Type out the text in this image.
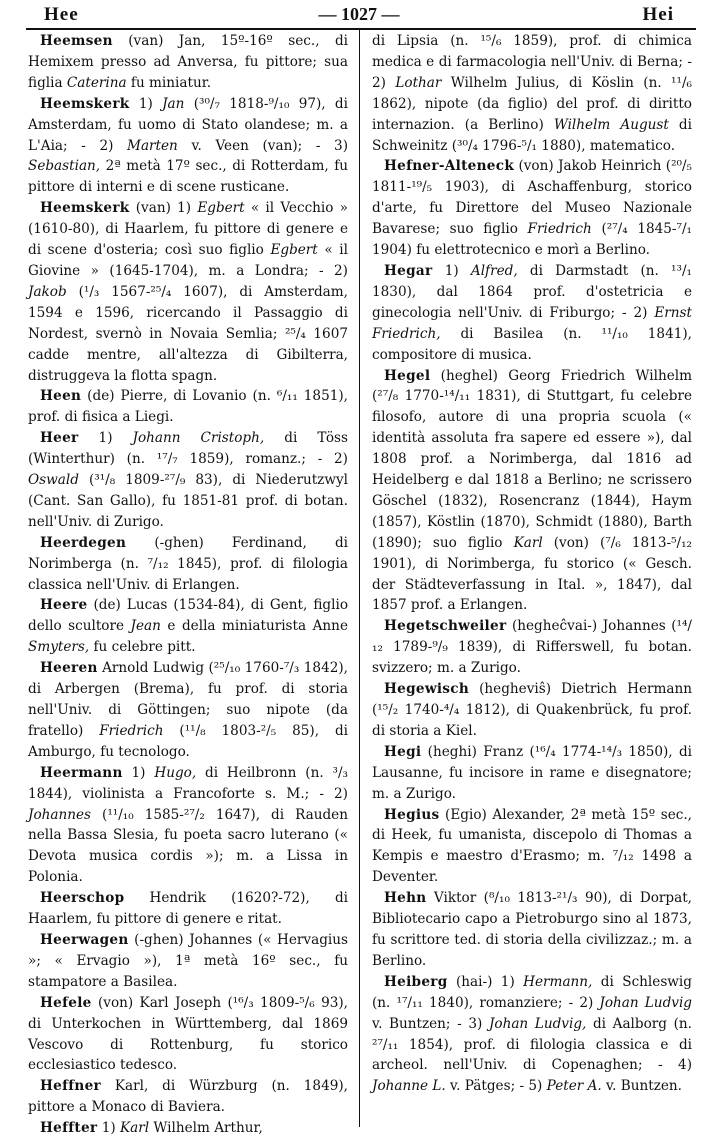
Hee	— 1027 —	Hei

Heemsen (van) Jan, 15º-16º sec., di Hemixem presso ad Anversa, fu pittore; sua figlia Caterina fu miniatur.

Heemskerk 1) Jan (³⁰/₇ 1818-⁹/₁₀ 97), di Amsterdam, fu uomo di Stato olandese; m. a L'Aia; - 2) Marten v. Veen (van); - 3) Sebastian, 2ª metà 17º sec., di Rotterdam, fu pittore di interni e di scene rusticane.

Heemskerk (van) 1) Egbert « il Vecchio » (1610-80), di Haarlem, fu pittore di genere e di scene d'osteria; così suo figlio Egbert « il Giovine » (1645-1704), m. a Londra; - 2) Jakob (¹/₃ 1567-²⁵/₄ 1607), di Amsterdam, 1594 e 1596, ricercando il Passaggio di Nordest, svernò in Novaia Semlia; ²⁵/₄ 1607 cadde mentre, all'altezza di Gibilterra, distruggeva la flotta spagn.

Heen (de) Pierre, di Lovanio (n. ⁶/₁₁ 1851), prof. di fisica a Liegi.

Heer 1) Johann Cristoph, di Töss (Winterthur) (n. ¹⁷/₇ 1859), romanz.; - 2) Oswald (³¹/₈ 1809-²⁷/₉ 83), di Niederutzwyl (Cant. San Gallo), fu 1851-81 prof. di botan. nell'Univ. di Zurigo.

Heerdegen (-ghen) Ferdinand, di Norimberga (n. ⁷/₁₂ 1845), prof. di filologia classica nell'Univ. di Erlangen.

Heere (de) Lucas (1534-84), di Gent, figlio dello scultore Jean e della miniaturista Anne Smyters, fu celebre pitt.

Heeren Arnold Ludwig (²⁵/₁₀ 1760-⁷/₃ 1842), di Arbergen (Brema), fu prof. di storia nell'Univ. di Göttingen; suo nipote (da fratello) Friedrich (¹¹/₈ 1803-²/₅ 85), di Amburgo, fu tecnologo.

Heermann 1) Hugo, di Heilbronn (n. ³/₃ 1844), violinista a Francoforte s. M.; - 2) Johannes (¹¹/₁₀ 1585-²⁷/₂ 1647), di Rauden nella Bassa Slesia, fu poeta sacro luterano (« Devota musica cordis »); m. a Lissa in Polonia.

Heerschop Hendrik (1620?-72), di Haarlem, fu pittore di genere e ritat.

Heerwagen (-ghen) Johannes (« Hervagius »; « Ervagio »), 1ª metà 16º sec., fu stampatore a Basilea.

Hefele (von) Karl Joseph (¹⁶/₃ 1809-⁵/₆ 93), di Unterkochen in Württemberg, dal 1869 Vescovo di Rottenburg, fu storico ecclesiastico tedesco.

Heffner Karl, di Würzburg (n. 1849), pittore a Monaco di Baviera.

Heffter 1) Karl Wilhelm Arthur,

di Lipsia (n. ¹⁵/₆ 1859), prof. di chimica medica e di farmacologia nell'Univ. di Berna; - 2) Lothar Wilhelm Julius, di Köslin (n. ¹¹/₆ 1862), nipote (da figlio) del prof. di diritto internazion. (a Berlino) Wilhelm August di Schweinitz (³⁰/₄ 1796-⁵/₁ 1880), matematico.

Hefner-Alteneck (von) Jakob Heinrich (²⁰/₅ 1811-¹⁹/₅ 1903), di Aschaffenburg, storico d'arte, fu Direttore del Museo Nazionale Bavarese; suo figlio Friedrich (²⁷/₄ 1845-⁷/₁ 1904) fu elettrotecnico e morì a Berlino.

Hegar 1) Alfred, di Darmstadt (n. ¹³/₁ 1830), dal 1864 prof. d'ostetricia e ginecologia nell'Univ. di Friburgo; - 2) Ernst Friedrich, di Basilea (n. ¹¹/₁₀ 1841), compositore di musica.

Hegel (heghel) Georg Friedrich Wilhelm (²⁷/₈ 1770-¹⁴/₁₁ 1831), di Stuttgart, fu celebre filosofo, autore di una propria scuola (« identità assoluta fra sapere ed essere »), dal 1808 prof. a Norimberga, dal 1816 ad Heidelberg e dal 1818 a Berlino; ne scrissero Göschel (1832), Rosencranz (1844), Haym (1857), Köstlin (1870), Schmidt (1880), Barth (1890); suo figlio Karl (von) (⁷/₆ 1813-⁵/₁₂ 1901), di Norimberga, fu storico (« Gesch. der Städteverfassung in Ital. », 1847), dal 1857 prof. a Erlangen.

Hegetschweiler (hegheĉvai-) Johannes (¹⁴/₁₂ 1789-⁹/₉ 1839), di Rifferswell, fu botan. svizzero; m. a Zurigo.

Hegewisch (hegheviŝ) Dietrich Hermann (¹⁵/₂ 1740-⁴/₄ 1812), di Quakenbrück, fu prof. di storia a Kiel.

Hegi (heghi) Franz (¹⁶/₄ 1774-¹⁴/₃ 1850), di Lausanne, fu incisore in rame e disegnatore; m. a Zurigo.

Hegius (Egio) Alexander, 2ª metà 15º sec., di Heek, fu umanista, discepolo di Thomas a Kempis e maestro d'Erasmo; m. ⁷/₁₂ 1498 a Deventer.

Hehn Viktor (⁸/₁₀ 1813-²¹/₃ 90), di Dorpat, Bibliotecario capo a Pietroburgo sino al 1873, fu scrittore ted. di storia della civilizzaz.; m. a Berlino.

Heiberg (hai-) 1) Hermann, di Schleswig (n. ¹⁷/₁₁ 1840), romanziere; - 2) Johan Ludvig v. Buntzen; - 3) Johan Ludvig, di Aalborg (n. ²⁷/₁₁ 1854), prof. di filologia classica e di archeol. nell'Univ. di Copenaghen; - 4) Johanne L. v. Pätges; - 5) Peter A. v. Buntzen.
